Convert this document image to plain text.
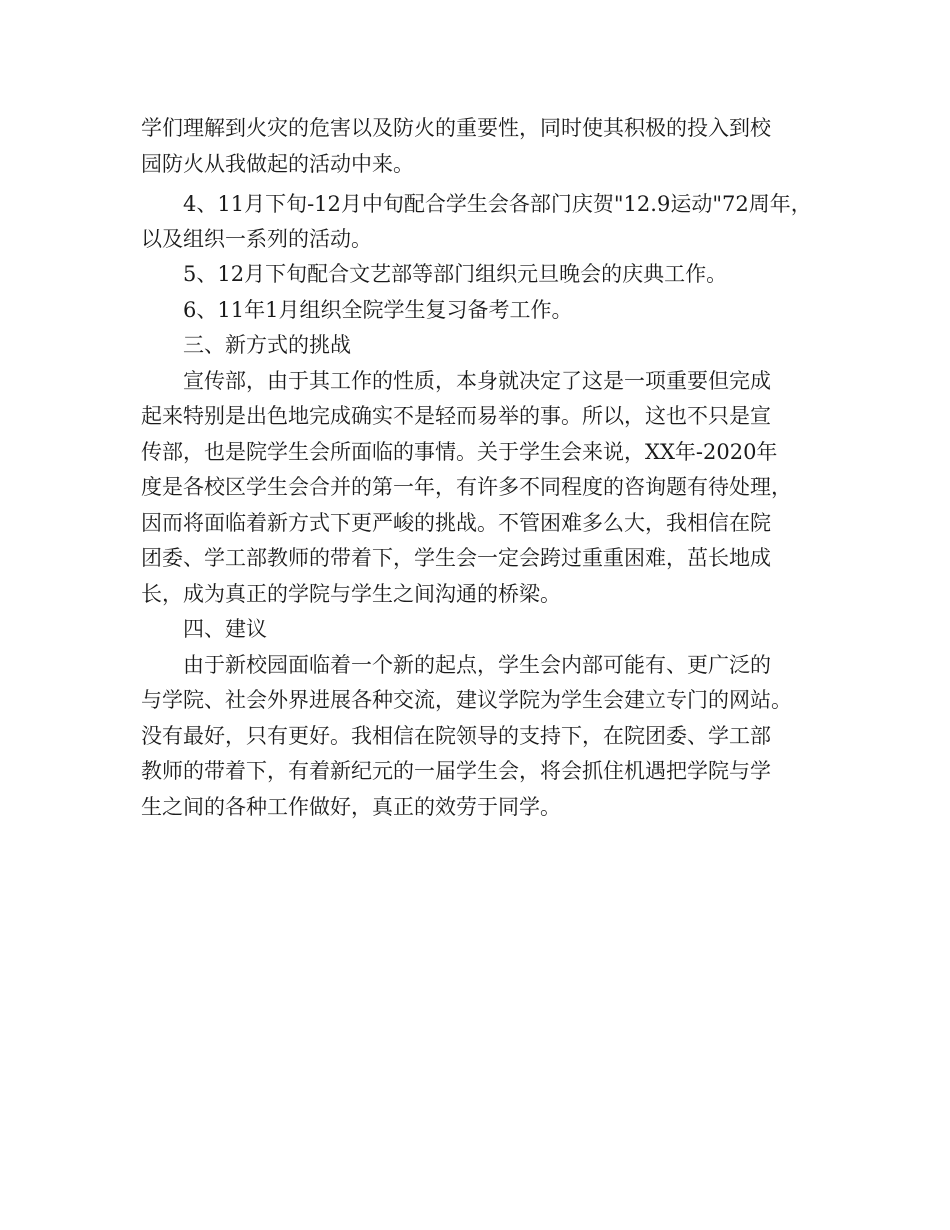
学们理解到火灾的危害以及防火的重要性，同时使其积极的投入到校
园防火从我做起的活动中来。
4、11月下旬-12月中旬配合学生会各部门庆贺"12.9运动"72周年，
以及组织一系列的活动。
5、12月下旬配合文艺部等部门组织元旦晚会的庆典工作。
6、11年1月组织全院学生复习备考工作。
三、新方式的挑战
宣传部，由于其工作的性质，本身就决定了这是一项重要但完成
起来特别是出色地完成确实不是轻而易举的事。所以，这也不只是宣
传部，也是院学生会所面临的事情。关于学生会来说，XX年-2020年
度是各校区学生会合并的第一年，有许多不同程度的咨询题有待处理，
因而将面临着新方式下更严峻的挑战。不管困难多么大，我相信在院
团委、学工部教师的带着下，学生会一定会跨过重重困难，茁长地成
长，成为真正的学院与学生之间沟通的桥梁。
四、建议
由于新校园面临着一个新的起点，学生会内部可能有、更广泛的
与学院、社会外界进展各种交流，建议学院为学生会建立专门的网站。
没有最好，只有更好。我相信在院领导的支持下，在院团委、学工部
教师的带着下，有着新纪元的一届学生会，将会抓住机遇把学院与学
生之间的各种工作做好，真正的效劳于同学。
